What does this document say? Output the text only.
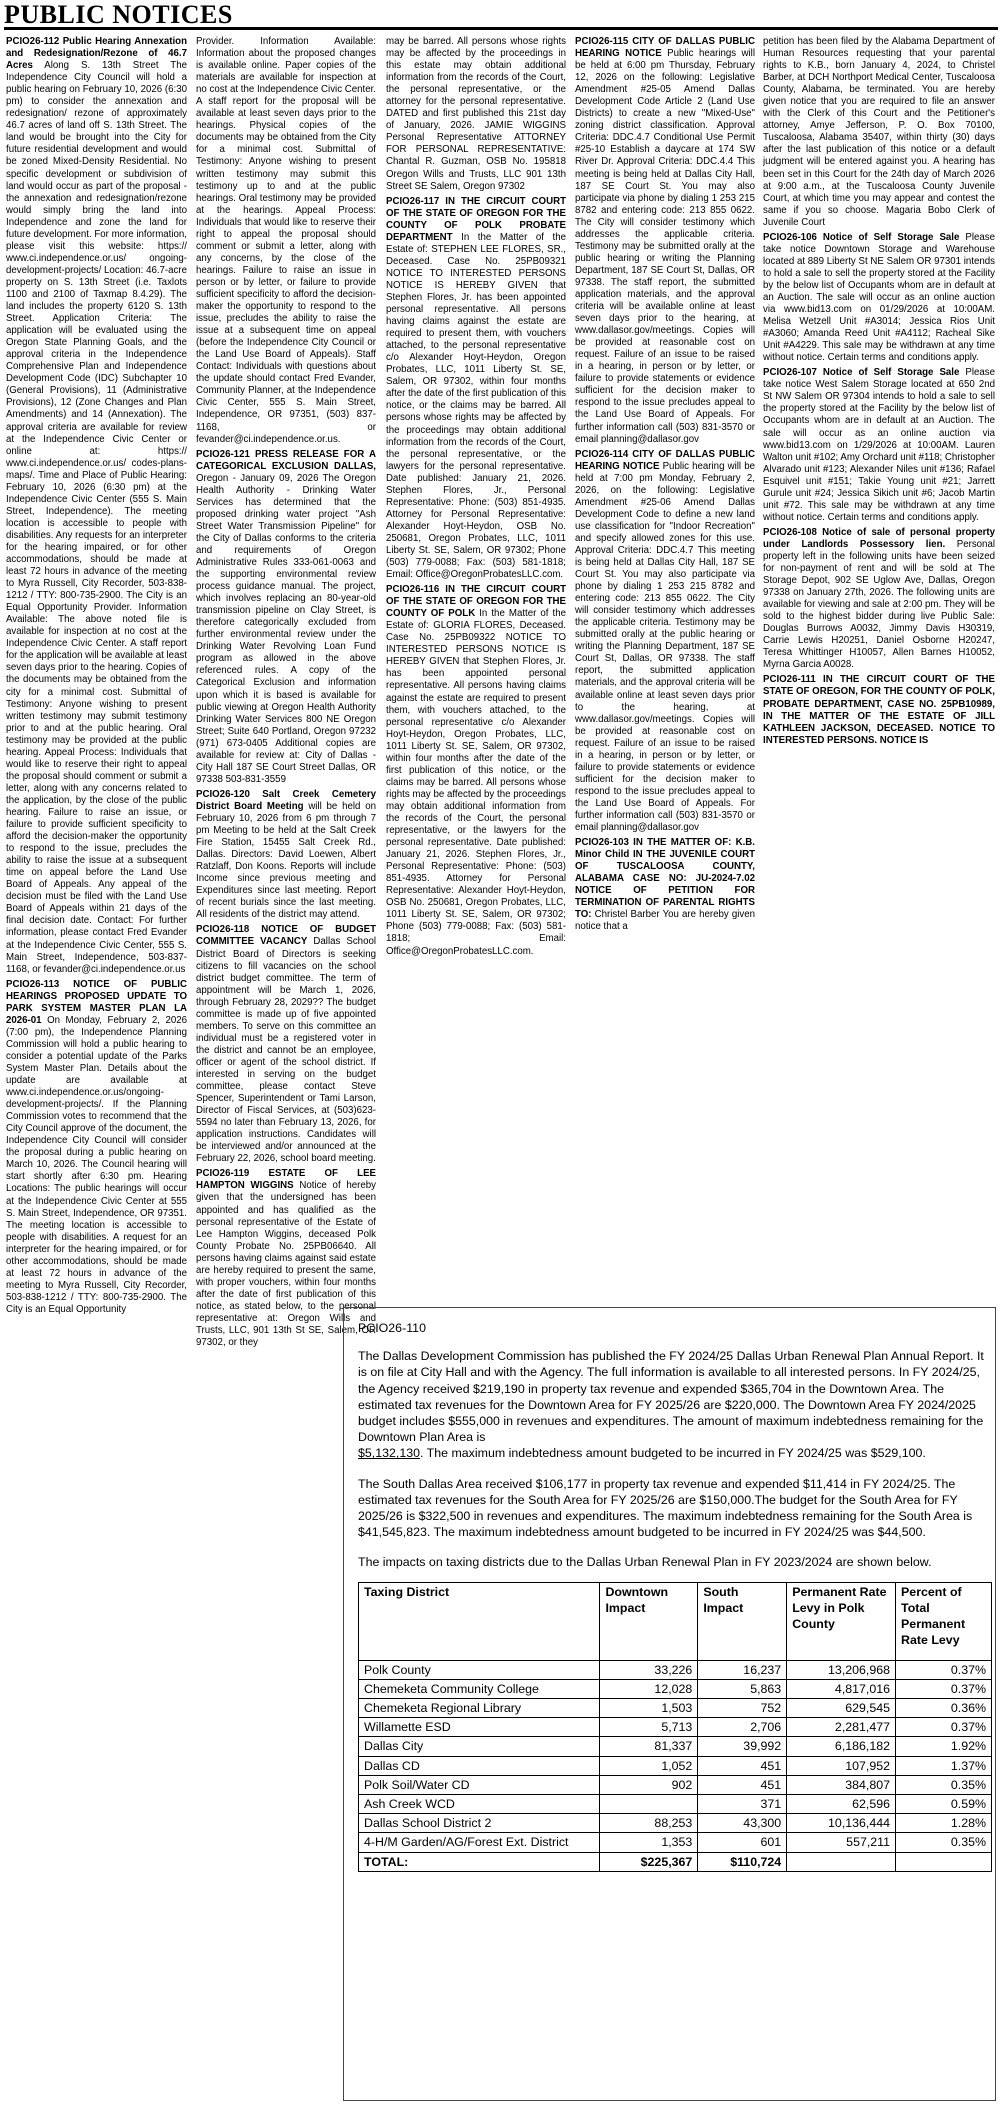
PUBLIC NOTICES

PCIO26-112 Public Hearing Annexation and Redesignation/Rezone of 46.7 Acres Along S. 13th Street The Independence City Council will hold a public hearing on February 10, 2026 (6:30 pm) to consider the annexation and redesignation/ rezone of approximately 46.7 acres of land off S. 13th Street. The land would be brought into the City for future residential development and would be zoned Mixed-Density Residential. No specific development or subdivision of land would occur as part of the proposal - the annexation and redesignation/rezone would simply bring the land into Independence and zone the land for future development. For more information, please visit this website: https:// www.ci.independence.or.us/ ongoing-development-projects/ Location: 46.7-acre property on S. 13th Street (i.e. Taxlots 1100 and 2100 of Taxmap 8.4.29). The land includes the property 6120 S. 13th Street. Application Criteria: The application will be evaluated using the Oregon State Planning Goals, and the approval criteria in the Independence Comprehensive Plan and Independence Development Code (IDC) Subchapter 10 (General Provisions), 11 (Administrative Provisions), 12 (Zone Changes and Plan Amendments) and 14 (Annexation). The approval criteria are available for review at the Independence Civic Center or online at: https:// www.ci.independence.or.us/ codes-plans-maps/. Time and Place of Public Hearing: February 10, 2026 (6:30 pm) at the Independence Civic Center (555 S. Main Street, Independence). The meeting location is accessible to people with disabilities. Any requests for an interpreter for the hearing impaired, or for other accommodations, should be made at least 72 hours in advance of the meeting to Myra Russell, City Recorder, 503-838-1212 / TTY: 800-735-2900. The City is an Equal Opportunity Provider. Information Available: The above noted file is available for inspection at no cost at the Independence Civic Center. A staff report for the application will be available at least seven days prior to the hearing. Copies of the documents may be obtained from the city for a minimal cost. Submittal of Testimony: Anyone wishing to present written testimony may submit testimony prior to and at the public hearing. Oral testimony may be provided at the public hearing. Appeal Process: Individuals that would like to reserve their right to appeal the proposal should comment or submit a letter, along with any concerns related to the application, by the close of the public hearing. Failure to raise an issue, or failure to provide sufficient specificity to afford the decision-maker the opportunity to respond to the issue, precludes the ability to raise the issue at a subsequent time on appeal before the Land Use Board of Appeals. Any appeal of the decision must be filed with the Land Use Board of Appeals within 21 days of the final decision date. Contact: For further information, please contact Fred Evander at the Independence Civic Center, 555 S. Main Street, Independence, 503-837-1168, or fevander@ci.independence.or.us

PCIO26-113 NOTICE OF PUBLIC HEARINGS PROPOSED UPDATE TO PARK SYSTEM MASTER PLAN LA 2026-01 On Monday, February 2, 2026 (7:00 pm), the Independence Planning Commission will hold a public hearing to consider a potential update of the Parks System Master Plan. Details about the update are available at www.ci.independence.or.us/ongoing-development-projects/. If the Planning Commission votes to recommend that the City Council approve of the document, the Independence City Council will consider the proposal during a public hearing on March 10, 2026. The Council hearing will start shortly after 6:30 pm. Hearing Locations: The public hearings will occur at the Independence Civic Center at 555 S. Main Street, Independence, OR 97351. The meeting location is accessible to people with disabilities. A request for an interpreter for the hearing impaired, or for other accommodations, should be made at least 72 hours in advance of the meeting to Myra Russell, City Recorder, 503-838-1212 / TTY: 800-735-2900. The City is an Equal Opportunity

Provider. Information Available: Information about the proposed changes is available online. Paper copies of the materials are available for inspection at no cost at the Independence Civic Center. A staff report for the proposal will be available at least seven days prior to the hearings. Physical copies of the documents may be obtained from the City for a minimal cost. Submittal of Testimony: Anyone wishing to present written testimony may submit this testimony up to and at the public hearings. Oral testimony may be provided at the hearings. Appeal Process: Individuals that would like to reserve their right to appeal the proposal should comment or submit a letter, along with any concerns, by the close of the hearings. Failure to raise an issue in person or by letter, or failure to provide sufficient specificity to afford the decision-maker the opportunity to respond to the issue, precludes the ability to raise the issue at a subsequent time on appeal (before the Independence City Council or the Land Use Board of Appeals). Staff Contact: Individuals with questions about the update should contact Fred Evander, Community Planner, at the Independence Civic Center, 555 S. Main Street, Independence, OR 97351, (503) 837-1168, or fevander@ci.independence.or.us.

PCIO26-121 PRESS RELEASE FOR A CATEGORICAL EXCLUSION DALLAS, Oregon - January 09, 2026 The Oregon Health Authority - Drinking Water Services has determined that the proposed drinking water project "Ash Street Water Transmission Pipeline" for the City of Dallas conforms to the criteria and requirements of Oregon Administrative Rules 333-061-0063 and the supporting environmental review process guidance manual. The project, which involves replacing an 80-year-old transmission pipeline on Clay Street, is therefore categorically excluded from further environmental review under the Drinking Water Revolving Loan Fund program as allowed in the above referenced rules. A copy of the Categorical Exclusion and information upon which it is based is available for public viewing at Oregon Health Authority Drinking Water Services 800 NE Oregon Street; Suite 640 Portland, Oregon 97232 (971) 673-0405 Additional copies are available for review at: City of Dallas - City Hall 187 SE Court Street Dallas, OR 97338 503-831-3559

PCIO26-120 Salt Creek Cemetery District Board Meeting will be held on February 10, 2026 from 6 pm through 7 pm Meeting to be held at the Salt Creek Fire Station, 15455 Salt Creek Rd., Dallas. Directors: David Loewen, Albert Ratzlaff, Don Koons. Reports will include Income since previous meeting and Expenditures since last meeting. Report of recent burials since the last meeting. All residents of the district may attend.

PCIO26-118 NOTICE OF BUDGET COMMITTEE VACANCY Dallas School District Board of Directors is seeking citizens to fill vacancies on the school district budget committee. The term of appointment will be March 1, 2026, through February 28, 2029?? The budget committee is made up of five appointed members. To serve on this committee an individual must be a registered voter in the district and cannot be an employee, officer or agent of the school district. If interested in serving on the budget committee, please contact Steve Spencer, Superintendent or Tami Larson, Director of Fiscal Services, at (503)623-5594 no later than February 13, 2026, for application instructions. Candidates will be interviewed and/or announced at the February 22, 2026, school board meeting.

PCIO26-119 ESTATE OF LEE HAMPTON WIGGINS Notice of hereby given that the undersigned has been appointed and has qualified as the personal representative of the Estate of Lee Hampton Wiggins, deceased Polk County Probate No. 25PB06640. All persons having claims against said estate are hereby required to present the same, with proper vouchers, within four months after the date of first publication of this notice, as stated below, to the personal representative at: Oregon Wills and Trusts, LLC, 901 13th St SE, Salem, OR 97302, or they

may be barred. All persons whose rights may be affected by the proceedings in this estate may obtain additional information from the records of the Court, the personal representative, or the attorney for the personal representative. DATED and first published this 21st day of January, 2026. JAMIE WIGGINS Personal Representative ATTORNEY FOR PERSONAL REPRESENTATIVE: Chantal R. Guzman, OSB No. 195818 Oregon Wills and Trusts, LLC 901 13th Street SE Salem, Oregon 97302

PCIO26-117 IN THE CIRCUIT COURT OF THE STATE OF OREGON FOR THE COUNTY OF POLK PROBATE DEPARTMENT In the Matter of the Estate of: STEPHEN LEE FLORES, SR., Deceased. Case No. 25PB09321 NOTICE TO INTERESTED PERSONS NOTICE IS HEREBY GIVEN that Stephen Flores, Jr. has been appointed personal representative. All persons having claims against the estate are required to present them, with vouchers attached, to the personal representative c/o Alexander Hoyt-Heydon, Oregon Probates, LLC, 1011 Liberty St. SE, Salem, OR 97302, within four months after the date of the first publication of this notice, or the claims may be barred. All persons whose rights may be affected by the proceedings may obtain additional information from the records of the Court, the personal representative, or the lawyers for the personal representative. Date published: January 21, 2026. Stephen Flores, Jr., Personal Representative: Phone: (503) 851-4935. Attorney for Personal Representative: Alexander Hoyt-Heydon, OSB No. 250681, Oregon Probates, LLC, 1011 Liberty St. SE, Salem, OR 97302; Phone (503) 779-0088; Fax: (503) 581-1818; Email: Office@OregonProbatesLLC.com.

PCIO26-116 IN THE CIRCUIT COURT OF THE STATE OF OREGON FOR THE COUNTY OF POLK In the Matter of the Estate of: GLORIA FLORES, Deceased. Case No. 25PB09322 NOTICE TO INTERESTED PERSONS NOTICE IS HEREBY GIVEN that Stephen Flores, Jr. has been appointed personal representative. All persons having claims against the estate are required to present them, with vouchers attached, to the personal representative c/o Alexander Hoyt-Heydon, Oregon Probates, LLC, 1011 Liberty St. SE, Salem, OR 97302, within four months after the date of the first publication of this notice, or the claims may be barred. All persons whose rights may be affected by the proceedings may obtain additional information from the records of the Court, the personal representative, or the lawyers for the personal representative. Date published: January 21, 2026. Stephen Flores, Jr., Personal Representative: Phone: (503) 851-4935. Attorney for Personal Representative: Alexander Hoyt-Heydon, OSB No. 250681, Oregon Probates, LLC, 1011 Liberty St. SE, Salem, OR 97302; Phone (503) 779-0088; Fax: (503) 581-1818; Email: Office@OregonProbatesLLC.com.

PCIO26-115 CITY OF DALLAS PUBLIC HEARING NOTICE Public hearings will be held at 6:00 pm Thursday, February 12, 2026 on the following: Legislative Amendment #25-05 Amend Dallas Development Code Article 2 (Land Use Districts) to create a new "Mixed-Use" zoning district classification. Approval Criteria: DDC.4.7 Conditional Use Permit #25-10 Establish a daycare at 174 SW River Dr. Approval Criteria: DDC.4.4 This meeting is being held at Dallas City Hall, 187 SE Court St. You may also participate via phone by dialing 1 253 215 8782 and entering code: 213 855 0622. The City will consider testimony which addresses the applicable criteria. Testimony may be submitted orally at the public hearing or writing the Planning Department, 187 SE Court St, Dallas, OR 97338. The staff report, the submitted application materials, and the approval criteria will be available online at least seven days prior to the hearing, at www.dallasor.gov/meetings. Copies will be provided at reasonable cost on request. Failure of an issue to be raised in a hearing, in person or by letter, or failure to provide statements or evidence sufficient for the decision maker to respond to the issue precludes appeal to the Land Use Board of Appeals. For further information call (503) 831-3570 or email planning@dallasor.gov

PCIO26-114 CITY OF DALLAS PUBLIC HEARING NOTICE Public hearing will be held at 7:00 pm Monday, February 2, 2026, on the following: Legislative Amendment #25-06 Amend Dallas Development Code to define a new land use classification for "Indoor Recreation" and specify allowed zones for this use. Approval Criteria: DDC.4.7 This meeting is being held at Dallas City Hall, 187 SE Court St. You may also participate via phone by dialing 1 253 215 8782 and entering code: 213 855 0622. The City will consider testimony which addresses the applicable criteria. Testimony may be submitted orally at the public hearing or writing the Planning Department, 187 SE Court St, Dallas, OR 97338. The staff report, the submitted application materials, and the approval criteria will be available online at least seven days prior to the hearing, at www.dallasor.gov/meetings. Copies will be provided at reasonable cost on request. Failure of an issue to be raised in a hearing, in person or by letter, or failure to provide statements or evidence sufficient for the decision maker to respond to the issue precludes appeal to the Land Use Board of Appeals. For further information call (503) 831-3570 or email planning@dallasor.gov

PCIO26-103 IN THE MATTER OF: K.B. Minor Child IN THE JUVENILE COURT OF TUSCALOOSA COUNTY, ALABAMA CASE NO: JU-2024-7.02 NOTICE OF PETITION FOR TERMINATION OF PARENTAL RIGHTS TO: Christel Barber You are hereby given notice that a

petition has been filed by the Alabama Department of Human Resources requesting that your parental rights to K.B., born January 4, 2024, to Christel Barber, at DCH Northport Medical Center, Tuscaloosa County, Alabama, be terminated. You are hereby given notice that you are required to file an answer with the Clerk of this Court and the Petitioner's attorney, Amye Jefferson, P. O. Box 70100, Tuscaloosa, Alabama 35407, within thirty (30) days after the last publication of this notice or a default judgment will be entered against you. A hearing has been set in this Court for the 24th day of March 2026 at 9:00 a.m., at the Tuscaloosa County Juvenile Court, at which time you may appear and contest the same if you so choose. Magaria Bobo Clerk of Juvenile Court

PCIO26-106 Notice of Self Storage Sale Please take notice Downtown Storage and Warehouse located at 889 Liberty St NE Salem OR 97301 intends to hold a sale to sell the property stored at the Facility by the below list of Occupants whom are in default at an Auction. The sale will occur as an online auction via www.bid13.com on 01/29/2026 at 10:00AM. Melisa Wetzell Unit #A3014; Jessica Rios Unit #A3060; Amanda Reed Unit #A4112; Racheal Sike Unit #A4229. This sale may be withdrawn at any time without notice. Certain terms and conditions apply.

PCIO26-107 Notice of Self Storage Sale Please take notice West Salem Storage located at 650 2nd St NW Salem OR 97304 intends to hold a sale to sell the property stored at the Facility by the below list of Occupants whom are in default at an Auction. The sale will occur as an online auction via www.bid13.com on 1/29/2026 at 10:00AM. Lauren Walton unit #102; Amy Orchard unit #118; Christopher Alvarado unit #123; Alexander Niles unit #136; Rafael Esquivel unit #151; Takie Young unit #21; Jarrett Gurule unit #24; Jessica Sikich unit #6; Jacob Martin unit #72. This sale may be withdrawn at any time without notice. Certain terms and conditions apply.

PCIO26-108 Notice of sale of personal property under Landlords Possessory lien. Personal property left in the following units have been seized for non-payment of rent and will be sold at The Storage Depot, 902 SE Uglow Ave, Dallas, Oregon 97338 on January 27th, 2026. The following units are available for viewing and sale at 2:00 pm. They will be sold to the highest bidder during live Public Sale: Douglas Burrows A0032, Jimmy Davis H30319, Carrie Lewis H20251, Daniel Osborne H20247, Teresa Whittinger H10057, Allen Barnes H10052, Myrna Garcia A0028.

PCIO26-111 IN THE CIRCUIT COURT OF THE STATE OF OREGON, FOR THE COUNTY OF POLK, PROBATE DEPARTMENT, CASE NO. 25PB10989, IN THE MATTER OF THE ESTATE OF JILL KATHLEEN JACKSON, DECEASED. NOTICE TO INTERESTED PERSONS. NOTICE IS

PCIO26-110

The Dallas Development Commission has published the FY 2024/25 Dallas Urban Renewal Plan Annual Report. It is on file at City Hall and with the Agency. The full information is available to all interested persons. In FY 2024/25, the Agency received $219,190 in property tax revenue and expended $365,704 in the Downtown Area. The estimated tax revenues for the Downtown Area for FY 2025/26 are $220,000. The Downtown Area FY 2024/2025 budget includes $555,000 in revenues and expenditures. The amount of maximum indebtedness remaining for the Downtown Plan Area is
$5,132,130. The maximum indebtedness amount budgeted to be incurred in FY 2024/25 was $529,100.

The South Dallas Area received $106,177 in property tax revenue and expended $11,414 in FY 2024/25. The estimated tax revenues for the South Area for FY 2025/26 are $150,000.The budget for the South Area for FY 2025/26 is $322,500 in revenues and expenditures. The maximum indebtedness remaining for the South Area is $41,545,823. The maximum indebtedness amount budgeted to be incurred in FY 2024/25 was $44,500.

The impacts on taxing districts due to the Dallas Urban Renewal Plan in FY 2023/2024 are shown below.

Taxing District	Downtown Impact	South Impact	Permanent Rate Levy in Polk County	Percent of Total Permanent Rate Levy
Polk County	33,226	16,237	13,206,968	0.37%
Chemeketa Community College	12,028	5,863	4,817,016	0.37%
Chemeketa Regional Library	1,503	752	629,545	0.36%
Willamette ESD	5,713	2,706	2,281,477	0.37%
Dallas City	81,337	39,992	6,186,182	1.92%
Dallas CD	1,052	451	107,952	1.37%
Polk Soil/Water CD	902	451	384,807	0.35%
Ash Creek WCD		371	62,596	0.59%
Dallas School District 2	88,253	43,300	10,136,444	1.28%
4-H/M Garden/AG/Forest Ext. District	1,353	601	557,211	0.35%
TOTAL:	$225,367	$110,724		
